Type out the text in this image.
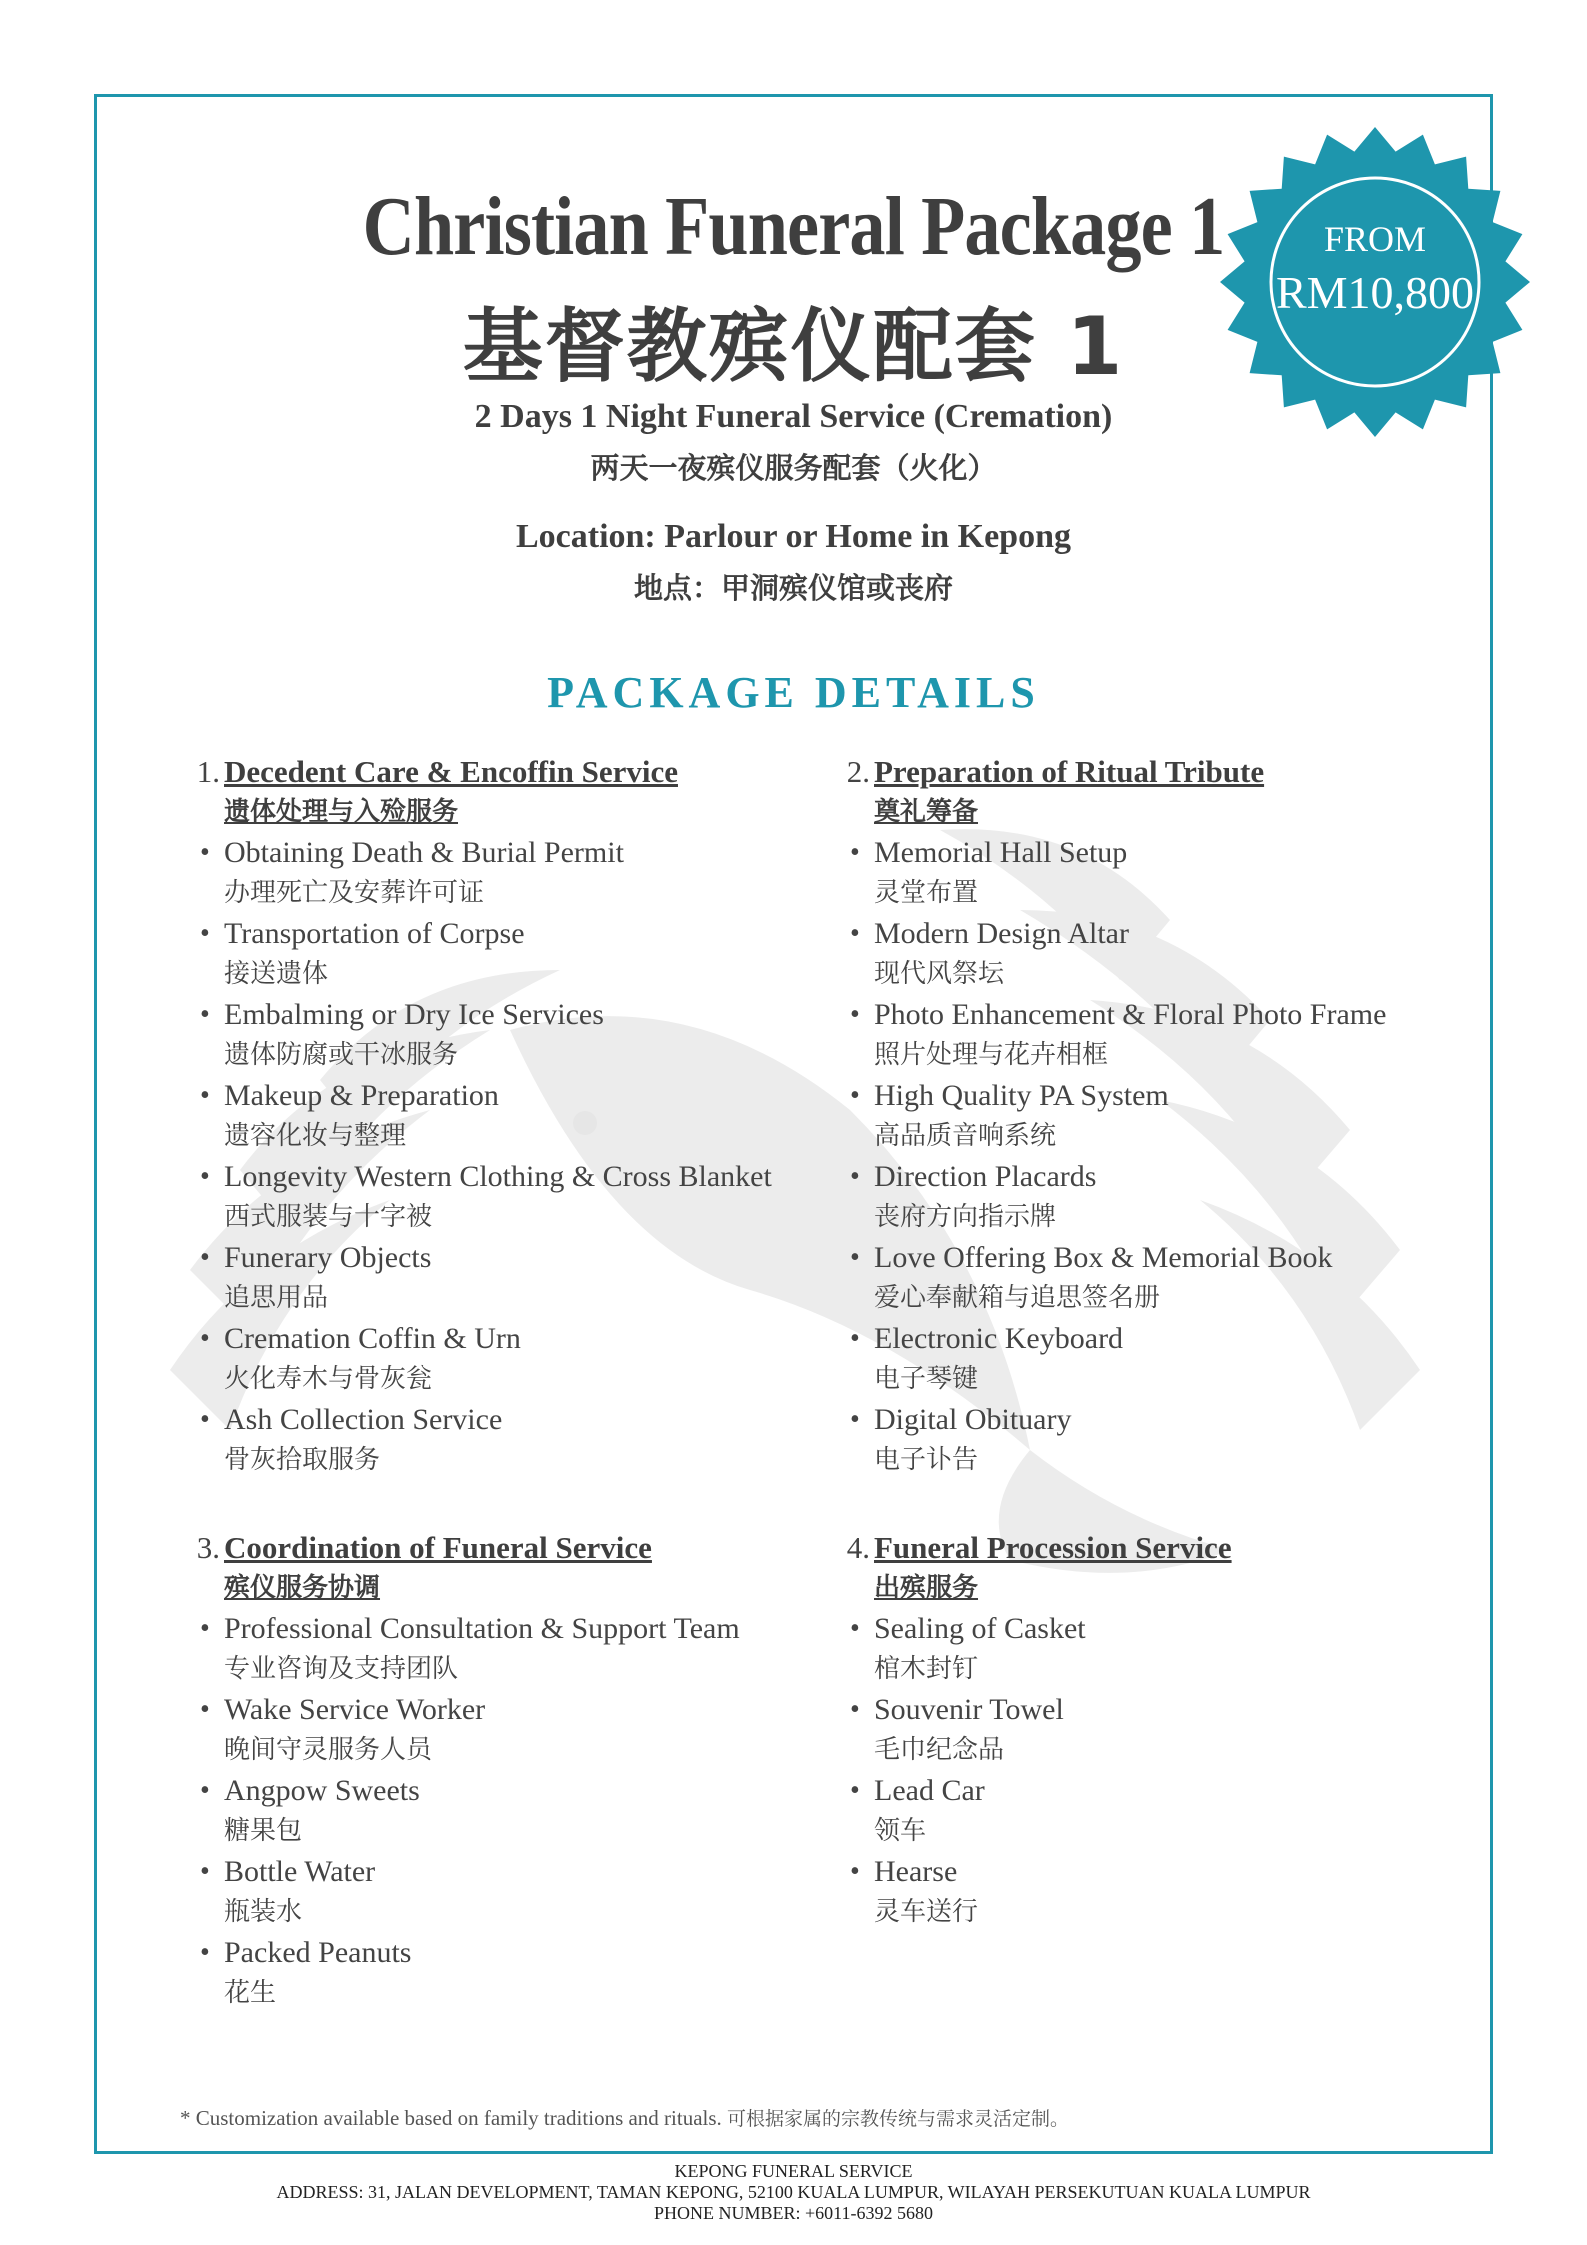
Christian Funeral Package 1
基督教殡仪配套 1
FROM
RM10,800
2 Days 1 Night Funeral Service (Cremation)
两天一夜殡仪服务配套（火化）
Location: Parlour or Home in Kepong
地点：甲洞殡仪馆或丧府
PACKAGE DETAILS
1. Decedent Care & Encoffin Service
遗体处理与入殓服务
• Obtaining Death & Burial Permit
办理死亡及安葬许可证
• Transportation of Corpse
接送遗体
• Embalming or Dry Ice Services
遗体防腐或干冰服务
• Makeup & Preparation
遗容化妆与整理
• Longevity Western Clothing & Cross Blanket
西式服装与十字被
• Funerary Objects
追思用品
• Cremation Coffin & Urn
火化寿木与骨灰瓮
• Ash Collection Service
骨灰拾取服务
3. Coordination of Funeral Service
殡仪服务协调
• Professional Consultation & Support Team
专业咨询及支持团队
• Wake Service Worker
晚间守灵服务人员
• Angpow Sweets
糖果包
• Bottle Water
瓶装水
• Packed Peanuts
花生
2. Preparation of Ritual Tribute
奠礼筹备
• Memorial Hall Setup
灵堂布置
• Modern Design Altar
现代风祭坛
• Photo Enhancement & Floral Photo Frame
照片处理与花卉相框
• High Quality PA System
高品质音响系统
• Direction Placards
丧府方向指示牌
• Love Offering Box & Memorial Book
爱心奉献箱与追思签名册
• Electronic Keyboard
电子琴键
• Digital Obituary
电子讣告
4. Funeral Procession Service
出殡服务
• Sealing of Casket
棺木封钉
• Souvenir Towel
毛巾纪念品
• Lead Car
领车
• Hearse
灵车送行
* Customization available based on family traditions and rituals. 可根据家属的宗教传统与需求灵活定制。
KEPONG FUNERAL SERVICE
ADDRESS: 31, JALAN DEVELOPMENT, TAMAN KEPONG, 52100 KUALA LUMPUR, WILAYAH PERSEKUTUAN KUALA LUMPUR
PHONE NUMBER: +6011-6392 5680
